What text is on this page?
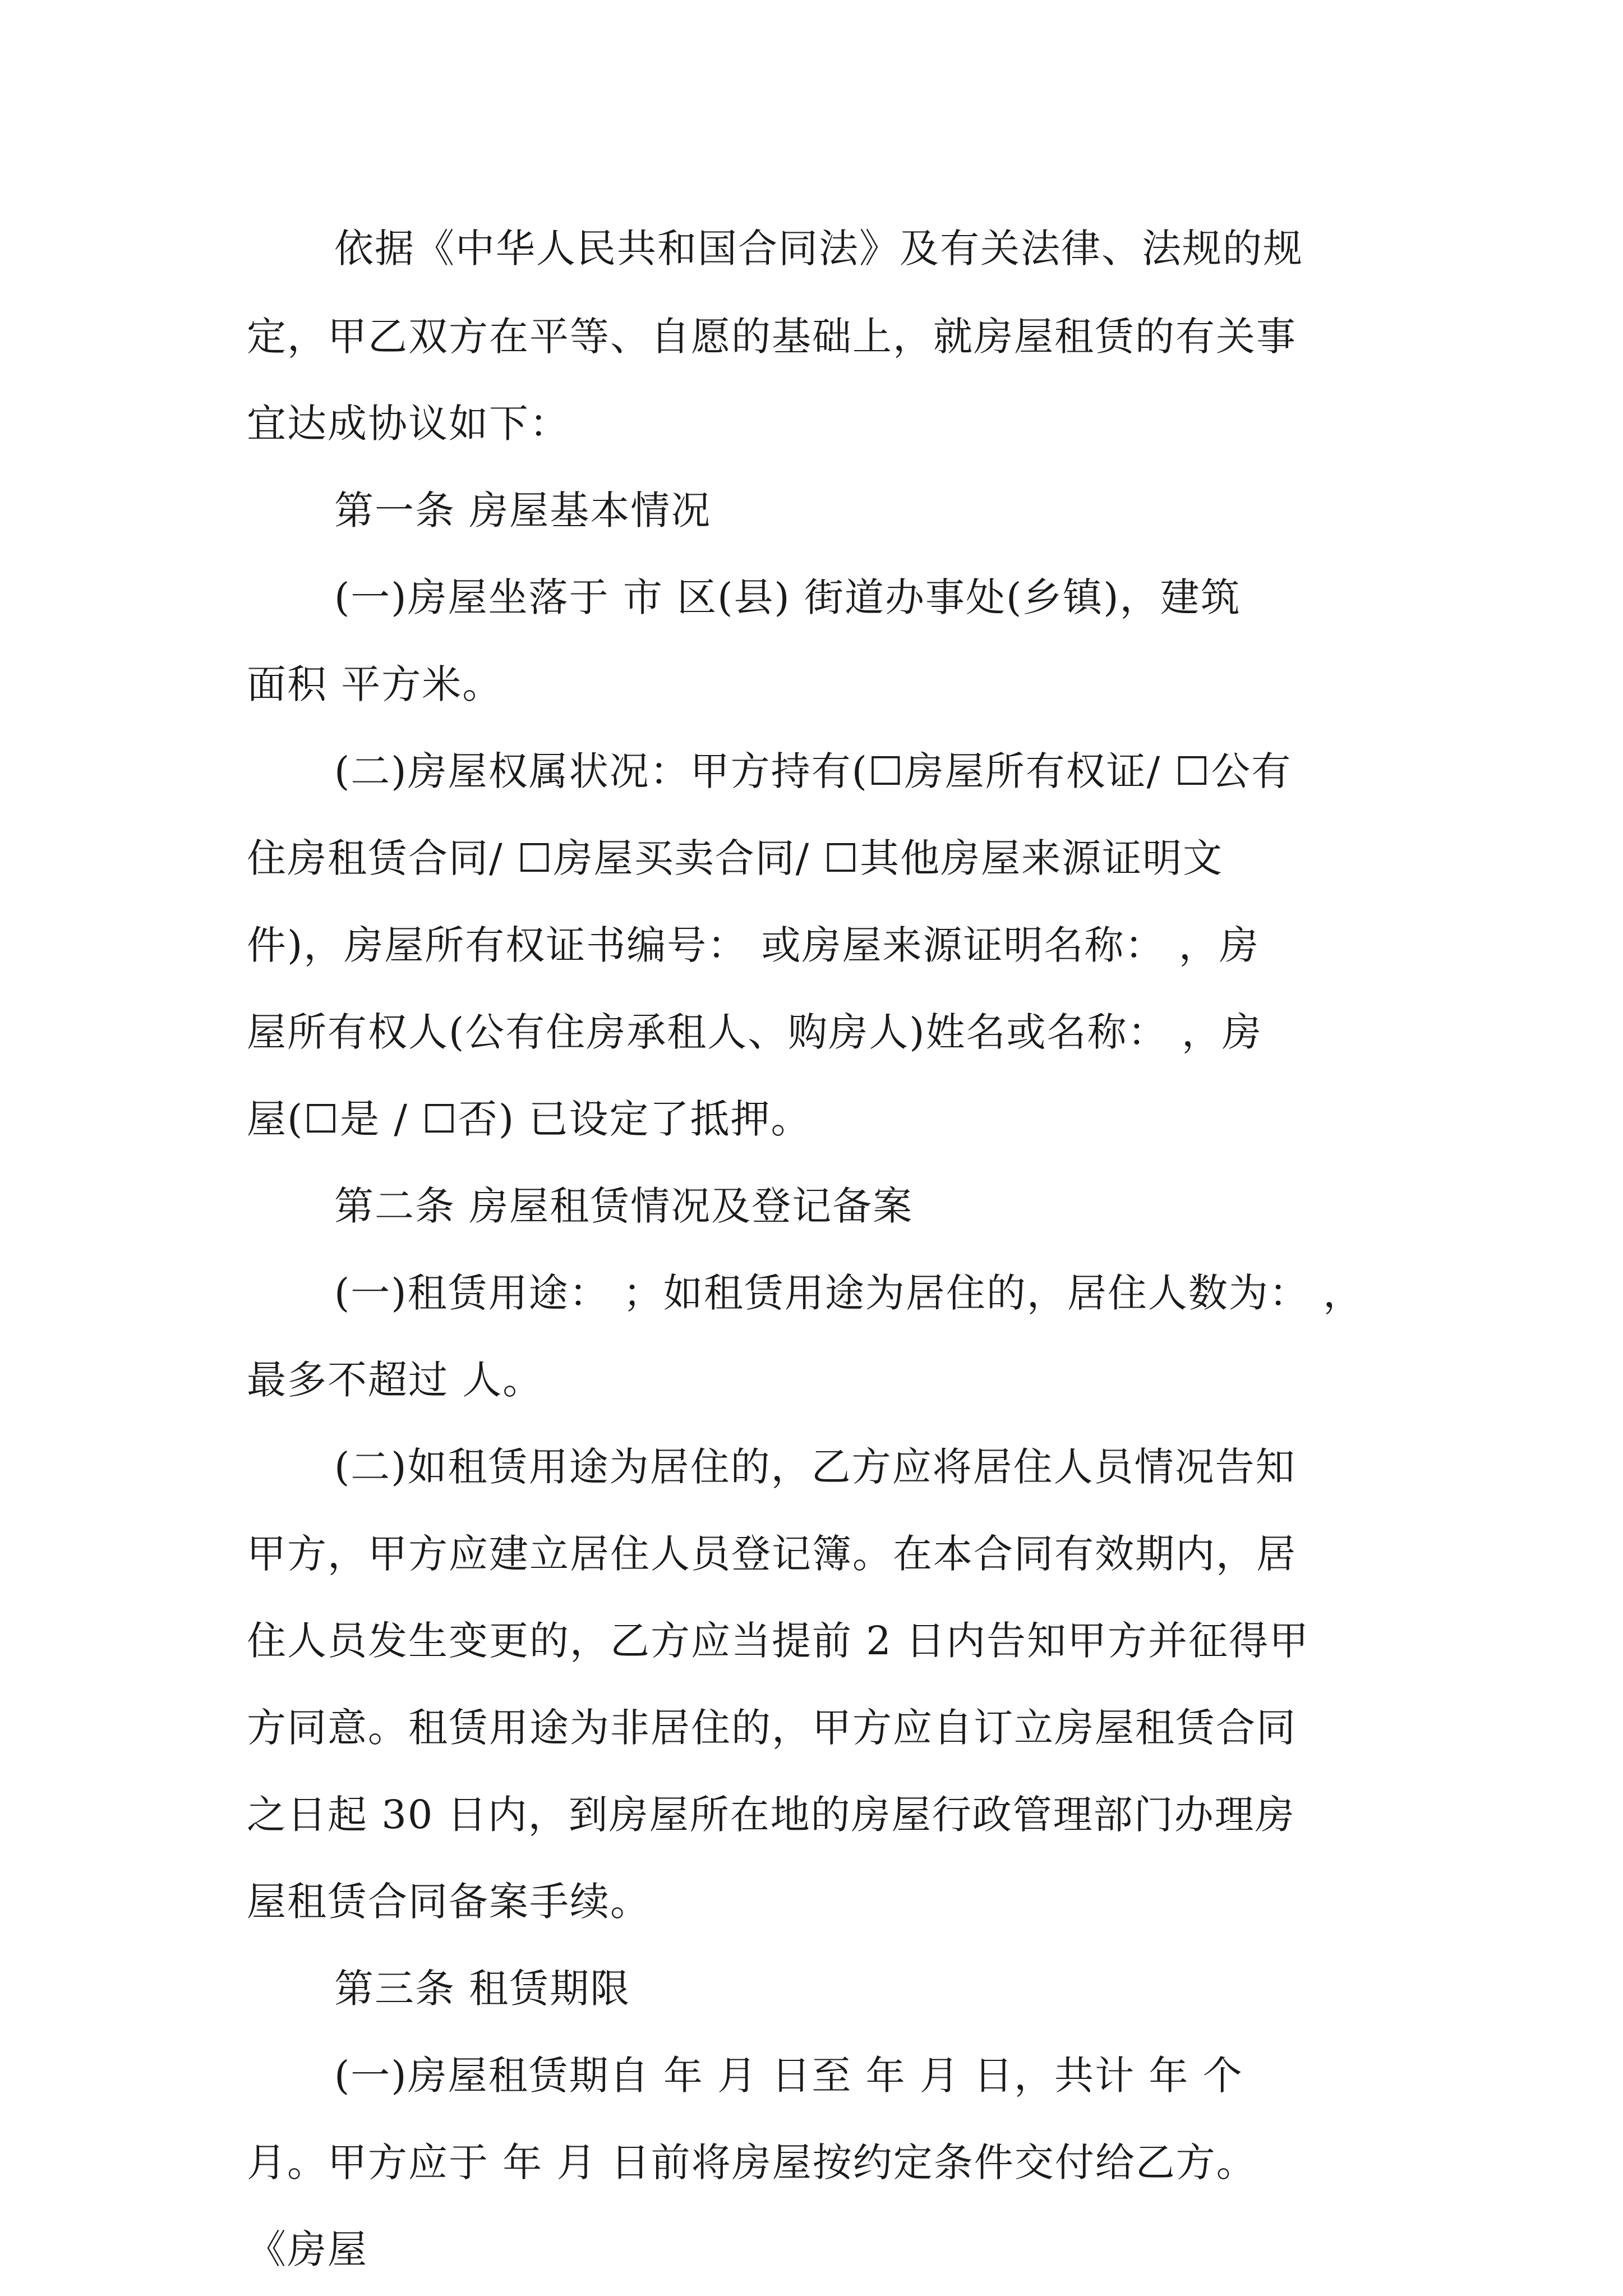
依据《中华人民共和国合同法》及有关法律、法规的规
定，甲乙双方在平等、自愿的基础上，就房屋租赁的有关事
宜达成协议如下：
第一条 房屋基本情况
(一)房屋坐落于 市 区(县) 街道办事处(乡镇)，建筑
面积 平方米。
(二)房屋权属状况：甲方持有(☐房屋所有权证/ ☐公有
住房租赁合同/ ☐房屋买卖合同/ ☐其他房屋来源证明文
件)，房屋所有权证书编号： 或房屋来源证明名称： ，房
屋所有权人(公有住房承租人、购房人)姓名或名称： ，房
屋(☐是 / ☐否) 已设定了抵押。
第二条 房屋租赁情况及登记备案
(一)租赁用途： ；如租赁用途为居住的，居住人数为： ，
最多不超过 人。
(二)如租赁用途为居住的，乙方应将居住人员情况告知
甲方，甲方应建立居住人员登记簿。在本合同有效期内，居
住人员发生变更的，乙方应当提前 2 日内告知甲方并征得甲
方同意。租赁用途为非居住的，甲方应自订立房屋租赁合同
之日起 30 日内，到房屋所在地的房屋行政管理部门办理房
屋租赁合同备案手续。
第三条 租赁期限
(一)房屋租赁期自 年 月 日至 年 月 日，共计 年 个
月。甲方应于 年 月 日前将房屋按约定条件交付给乙方。
《房屋
